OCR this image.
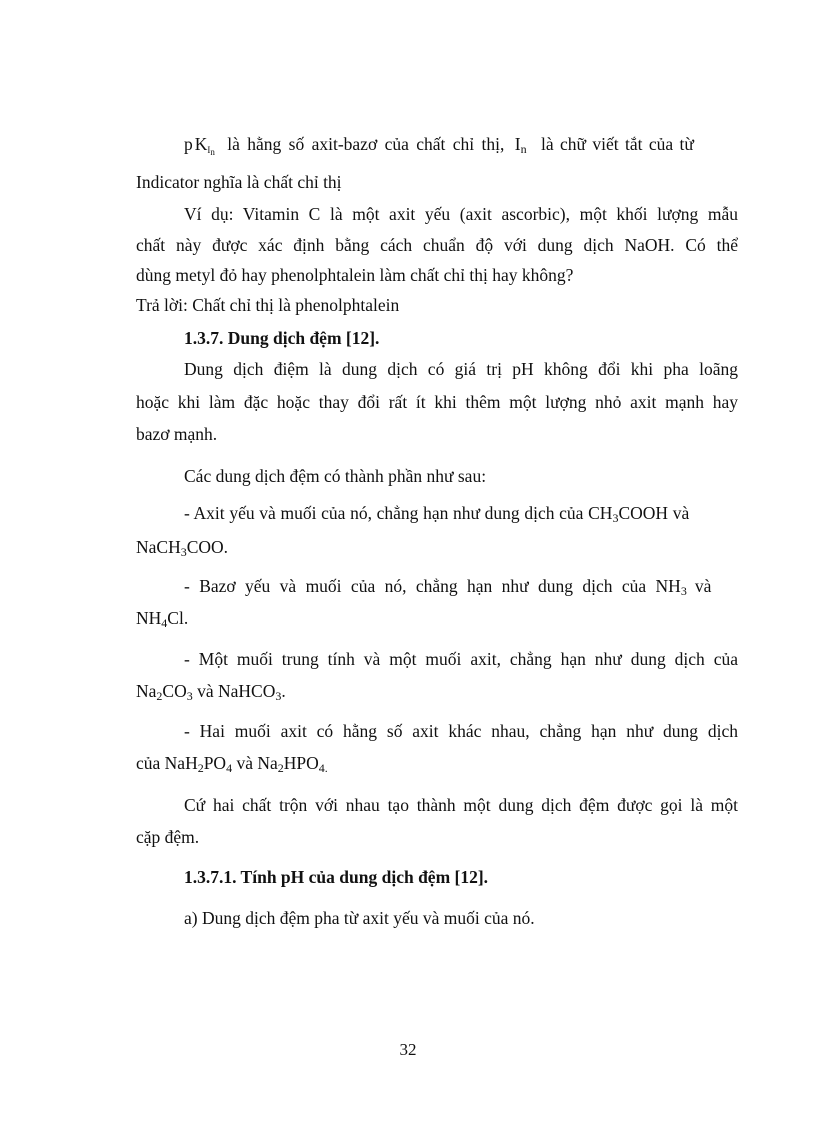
p $K_{In}$ là hằng số axit-bazơ của chất chỉ thị, $I_n$ là chữ viết tắt của từ
Indicator nghĩa là chất chỉ thị
Ví dụ: Vitamin C là một axit yếu (axit ascorbic), một khối lượng mẫu
chất này được xác định bằng cách chuẩn độ với dung dịch NaOH. Có thể
dùng metyl đỏ hay phenolphtalein làm chất chỉ thị hay không?
Trả lời: Chất chỉ thị là phenolphtalein
1.3.7. Dung dịch đệm [12].
Dung dịch điệm là dung dịch có giá trị pH không đổi khi pha loãng
hoặc khi làm đặc hoặc thay đổi rất ít khi thêm một lượng nhỏ axit mạnh hay
bazơ mạnh.
Các dung dịch đệm có thành phần như sau:
- Axit yếu và muối của nó, chẳng hạn như dung dịch của $CH_3COOH$ và
NaCH$_3$COO.
- Bazơ yếu và muối của nó, chẳng hạn như dung dịch của $NH_3$ và
$NH_4Cl$.
- Một muối trung tính và một muối axit, chẳng hạn như dung dịch của
$Na_2CO_3$ và NaHCO$_3$.
- Hai muối axit có hằng số axit khác nhau, chẳng hạn như dung dịch
của $NaH_2PO_4$ và $Na_2HPO_{4.}$
Cứ hai chất trộn với nhau tạo thành một dung dịch đệm được gọi là một
cặp đệm.
1.3.7.1. Tính pH của dung dịch đệm [12].
a) Dung dịch đệm pha từ axit yếu và muối của nó.
32
